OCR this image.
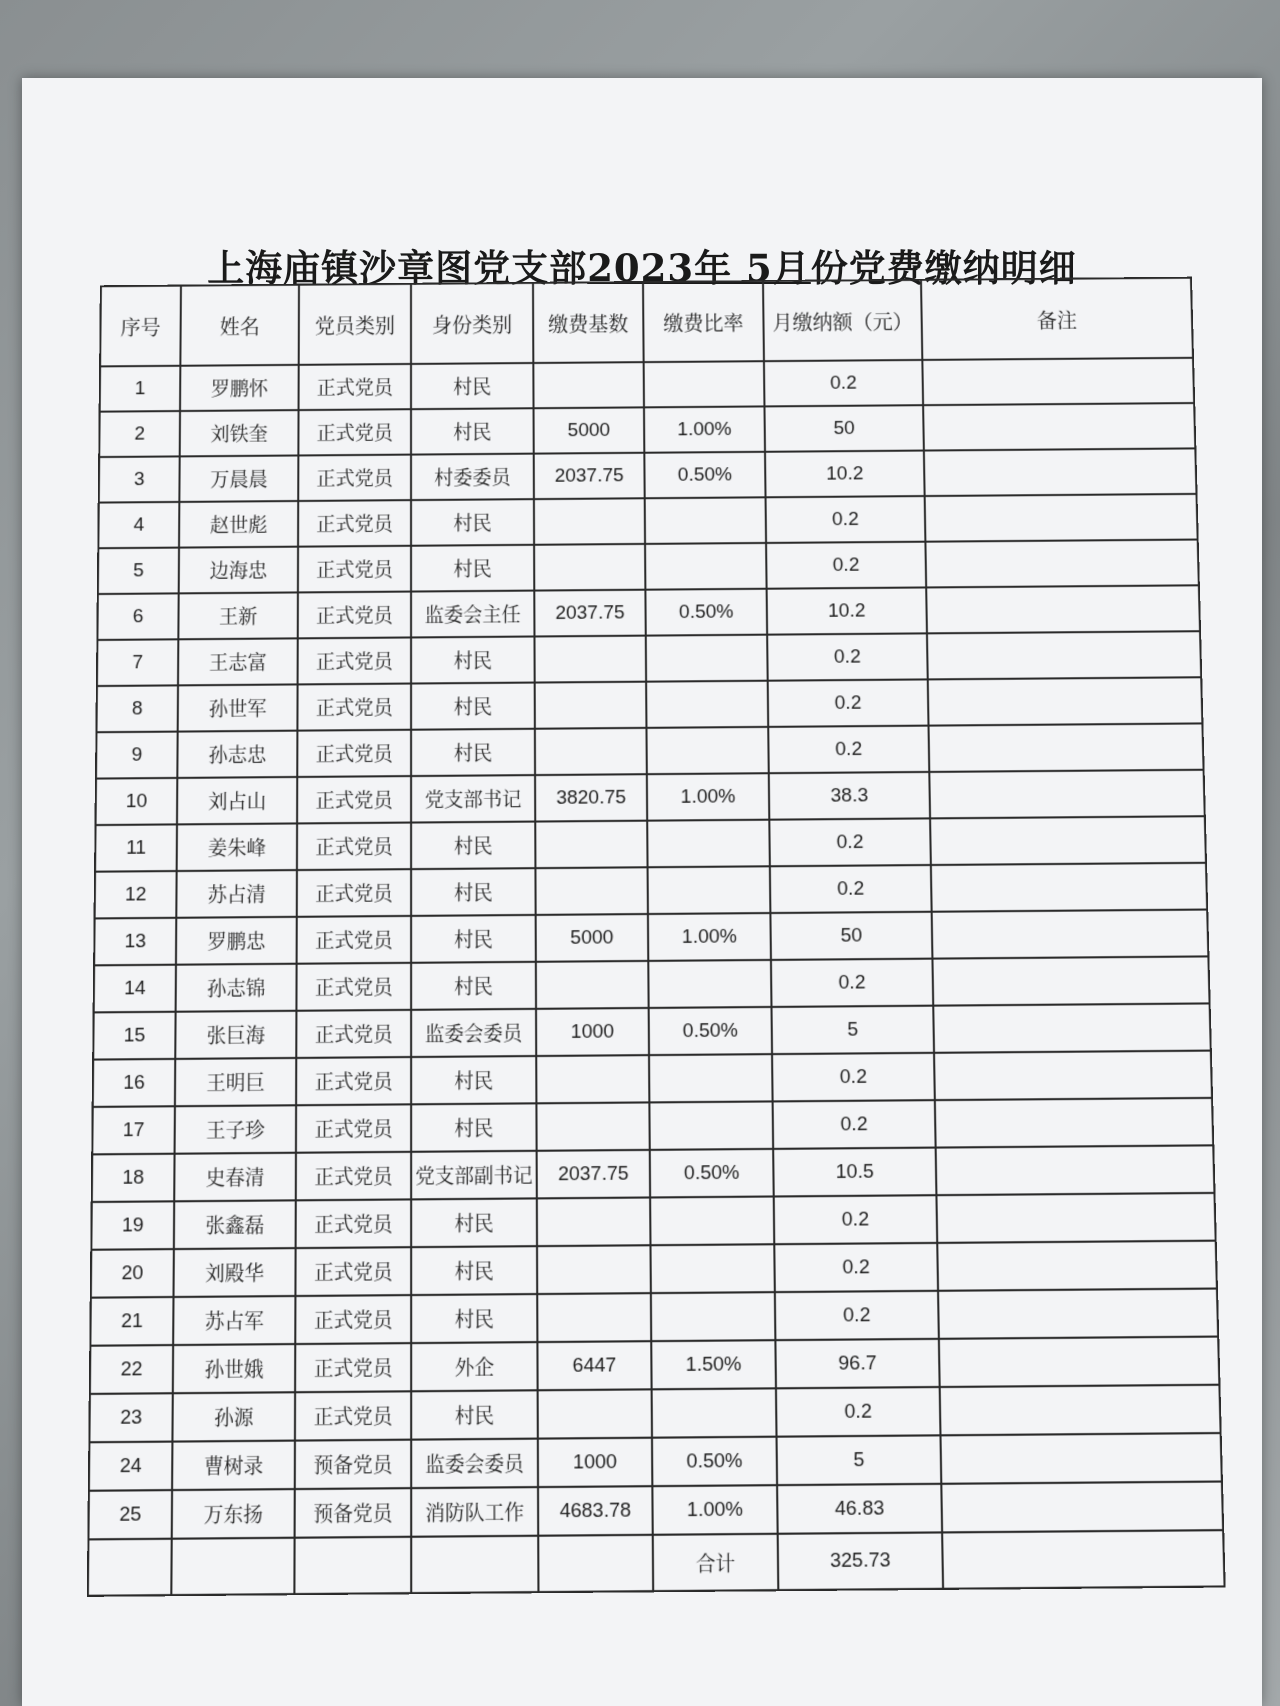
上海庙镇沙章图党支部2023年 5月份党费缴纳明细
序号	姓名	党员类别	身份类别	缴费基数	缴费比率	月缴纳额（元）	备注
1	罗鹏怀	正式党员	村民			0.2	
2	刘铁奎	正式党员	村民	5000	1.00%	50	
3	万晨晨	正式党员	村委委员	2037.75	0.50%	10.2	
4	赵世彪	正式党员	村民			0.2	
5	边海忠	正式党员	村民			0.2	
6	王新	正式党员	监委会主任	2037.75	0.50%	10.2	
7	王志富	正式党员	村民			0.2	
8	孙世军	正式党员	村民			0.2	
9	孙志忠	正式党员	村民			0.2	
10	刘占山	正式党员	党支部书记	3820.75	1.00%	38.3	
11	姜朱峰	正式党员	村民			0.2	
12	苏占清	正式党员	村民			0.2	
13	罗鹏忠	正式党员	村民	5000	1.00%	50	
14	孙志锦	正式党员	村民			0.2	
15	张巨海	正式党员	监委会委员	1000	0.50%	5	
16	王明巨	正式党员	村民			0.2	
17	王子珍	正式党员	村民			0.2	
18	史春清	正式党员	党支部副书记	2037.75	0.50%	10.5	
19	张鑫磊	正式党员	村民			0.2	
20	刘殿华	正式党员	村民			0.2	
21	苏占军	正式党员	村民			0.2	
22	孙世娥	正式党员	外企	6447	1.50%	96.7	
23	孙源	正式党员	村民			0.2	
24	曹树录	预备党员	监委会委员	1000	0.50%	5	
25	万东扬	预备党员	消防队工作	4683.78	1.00%	46.83	
					合计	325.73	
